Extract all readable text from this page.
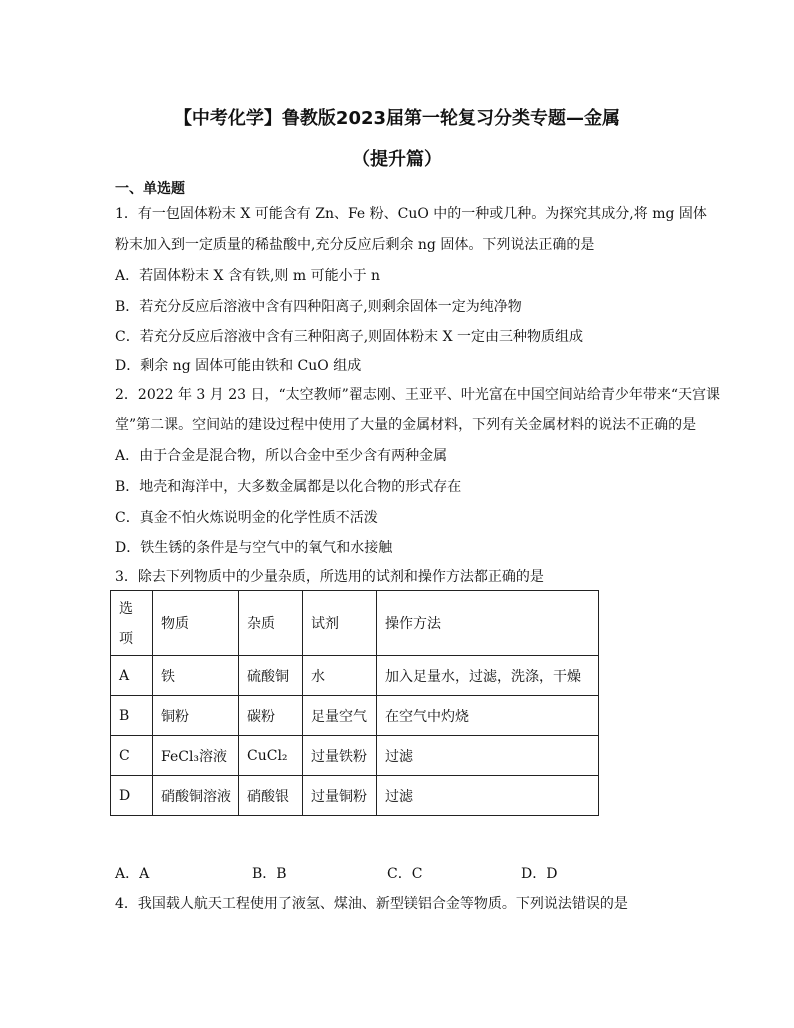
【中考化学】鲁教版2023届第一轮复习分类专题—金属
（提升篇）
一、单选题
1．有一包固体粉末 X 可能含有 Zn、Fe 粉、CuO 中的一种或几种。为探究其成分,将 mg 固体
粉末加入到一定质量的稀盐酸中,充分反应后剩余 ng 固体。下列说法正确的是
A．若固体粉末 X 含有铁,则 m 可能小于 n
B．若充分反应后溶液中含有四种阳离子,则剩余固体一定为纯净物
C．若充分反应后溶液中含有三种阳离子,则固体粉末 X 一定由三种物质组成
D．剩余 ng 固体可能由铁和 CuO 组成
2．2022 年 3 月 23 日，“太空教师”翟志刚、王亚平、叶光富在中国空间站给青少年带来“天宫课
堂”第二课。空间站的建设过程中使用了大量的金属材料，下列有关金属材料的说法不正确的是
A．由于合金是混合物，所以合金中至少含有两种金属
B．地壳和海洋中，大多数金属都是以化合物的形式存在
C．真金不怕火炼说明金的化学性质不活泼
D．铁生锈的条件是与空气中的氧气和水接触
3．除去下列物质中的少量杂质，所选用的试剂和操作方法都正确的是
选
项	物质	杂质	试剂	操作方法
A	铁	硫酸铜	水	加入足量水，过滤，洗涤，干燥
B	铜粉	碳粉	足量空气	在空气中灼烧
C	FeCl₃溶液	CuCl₂	过量铁粉	过滤
D	硝酸铜溶液	硝酸银	过量铜粉	过滤
A．A	B．B	C．C	D．D
4．我国载人航天工程使用了液氢、煤油、新型镁铝合金等物质。下列说法错误的是
